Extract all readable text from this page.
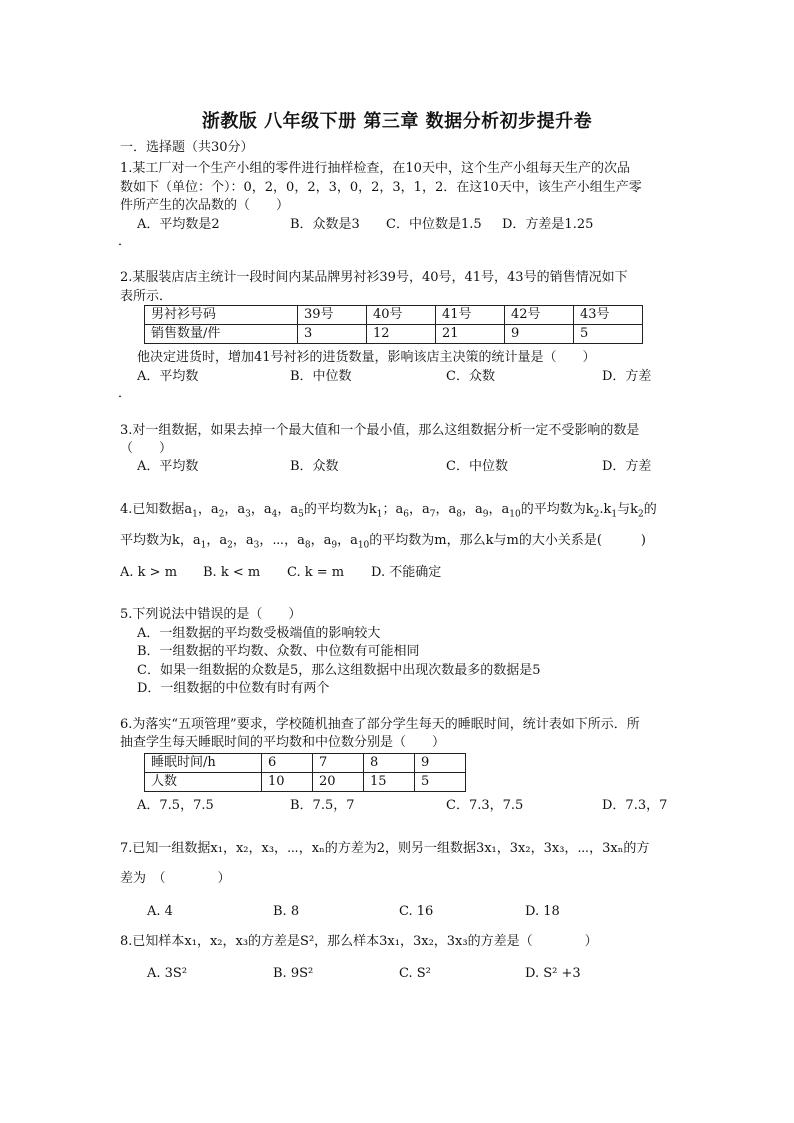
浙教版 八年级下册 第三章 数据分析初步提升卷
一．选择题（共30分）
1.某工厂对一个生产小组的零件进行抽样检查，在10天中，这个生产小组每天生产的次品
数如下（单位：个）：0，2，0，2，3，0，2，3，1，2．在这10天中，该生产小组生产零
件所产生的次品数的（　　）
A．平均数是2	B．众数是3 C．中位数是1.5 D．方差是1.25
．
2.某服装店店主统计一段时间内某品牌男衬衫39号，40号，41号，43号的销售情况如下
表所示．
男衬衫号码	39号	40号	41号	42号	43号
销售数量/件	3	12	21	9	5
他决定进货时，增加41号衬衫的进货数量，影响该店主决策的统计量是（　　）
A．平均数	B．中位数	C．众数	D．方差
．
3.对一组数据，如果去掉一个最大值和一个最小值，那么这组数据分析一定不受影响的数是
（　　）
A．平均数	B．众数	C．中位数	D．方差
4.已知数据$a_1$，$a_2$，$a_3$，$a_4$，$a_5$的平均数为$k_1$；$a_6$，$a_7$，$a_8$，$a_9$，$a_{10}$的平均数为$k_2.k_1$与$k_2$的
平均数为k，$a_1$，$a_2$，$a_3$，⋯，$a_8$，$a_9$，$a_{10}$的平均数为m，那么k与m的大小关系是(　　　)
A. k > m B. k < m C. k = m D. 不能确定
5.下列说法中错误的是（　　）
A．一组数据的平均数受极端值的影响较大
B．一组数据的平均数、众数、中位数有可能相同
C．如果一组数据的众数是5，那么这组数据中出现次数最多的数据是5
D．一组数据的中位数有时有两个
6.为落实“五项管理”要求，学校随机抽查了部分学生每天的睡眠时间，统计表如下所示．所
抽查学生每天睡眠时间的平均数和中位数分别是（　　）
睡眠时间/h	6	7	8	9
人数	10	20	15	5
A．7.5，7.5	B．7.5，7	C．7.3，7.5	D．7.3，7
7.已知一组数据x₁，x₂，x₃，⋯，xₙ的方差为2，则另一组数据3x₁，3x₂，3x₃，⋯，3xₙ的方
差为　（　　　　）
A. 4	B. 8	C. 16	D. 18
8.已知样本x₁，x₂，x₃的方差是S²，那么样本3x₁，3x₂，3x₃的方差是（　　　　）
A. 3S²	B. 9S²	C. S²	D. S² +3
